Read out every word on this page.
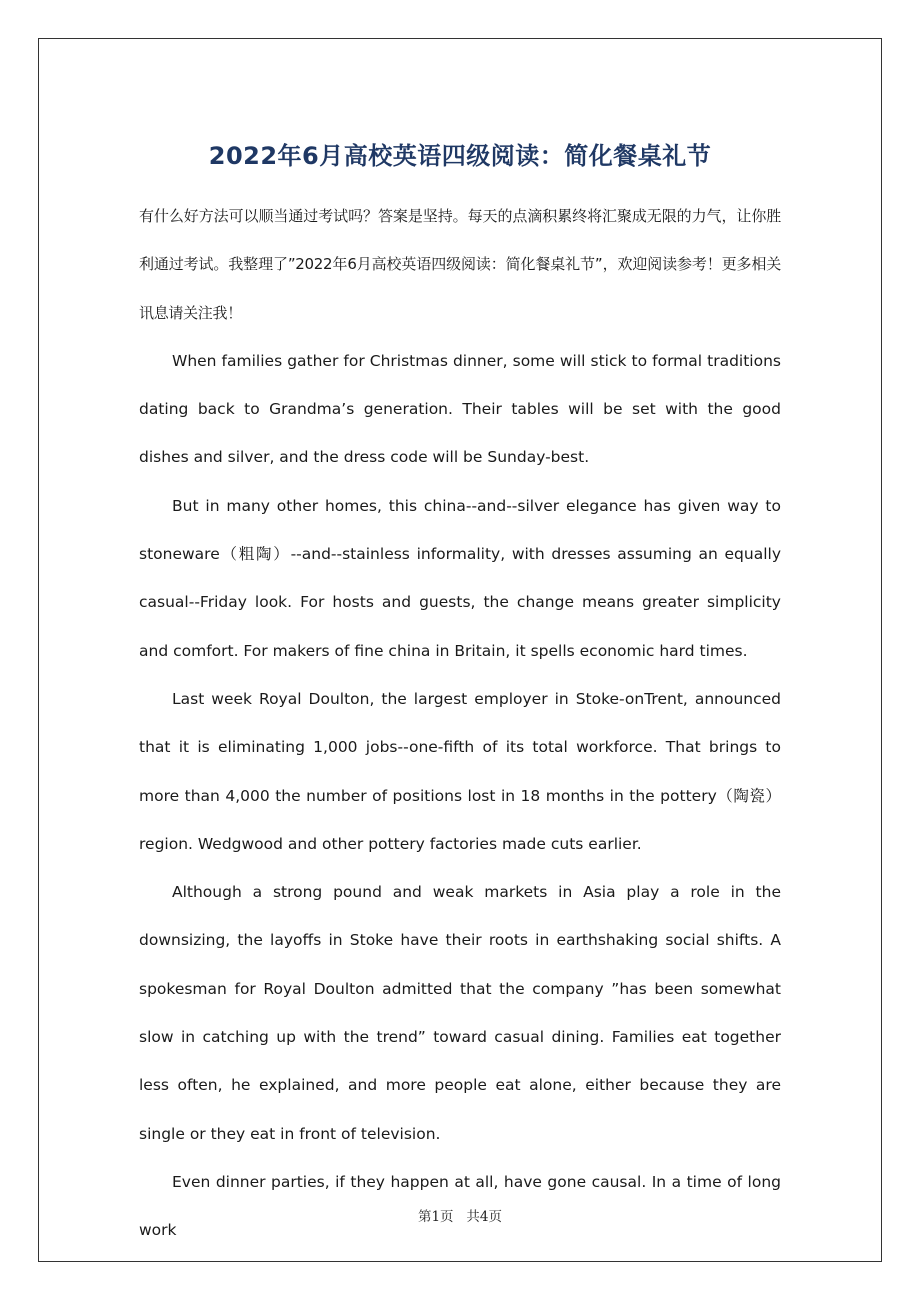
2022年6月高校英语四级阅读：简化餐桌礼节

有什么好方法可以顺当通过考试吗？答案是坚持。每天的点滴积累终将汇聚成无限的力气，让你胜利通过考试。我整理了”2022年6月高校英语四级阅读：简化餐桌礼节”，欢迎阅读参考！更多相关讯息请关注我！

When families gather for Christmas dinner, some will stick to formal traditions dating back to Grandma’s generation. Their tables will be set with the good dishes and silver, and the dress code will be Sunday-best.

But in many other homes, this china--and--silver elegance has given way to stoneware（粗陶）--and--stainless informality, with dresses assuming an equally casual--Friday look. For hosts and guests, the change means greater simplicity and comfort. For makers of fine china in Britain, it spells economic hard times.

Last week Royal Doulton, the largest employer in Stoke-onTrent, announced that it is eliminating 1,000 jobs--one-fifth of its total workforce. That brings to more than 4,000 the number of positions lost in 18 months in the pottery（陶瓷）region. Wedgwood and other pottery factories made cuts earlier.

Although a strong pound and weak markets in Asia play a role in the downsizing, the layoffs in Stoke have their roots in earthshaking social shifts. A spokesman for Royal Doulton admitted that the company ”has been somewhat slow in catching up with the trend” toward casual dining. Families eat together less often, he explained, and more people eat alone, either because they are single or they eat in front of television.

Even dinner parties, if they happen at all, have gone causal. In a time of long work

第1页   共4页
